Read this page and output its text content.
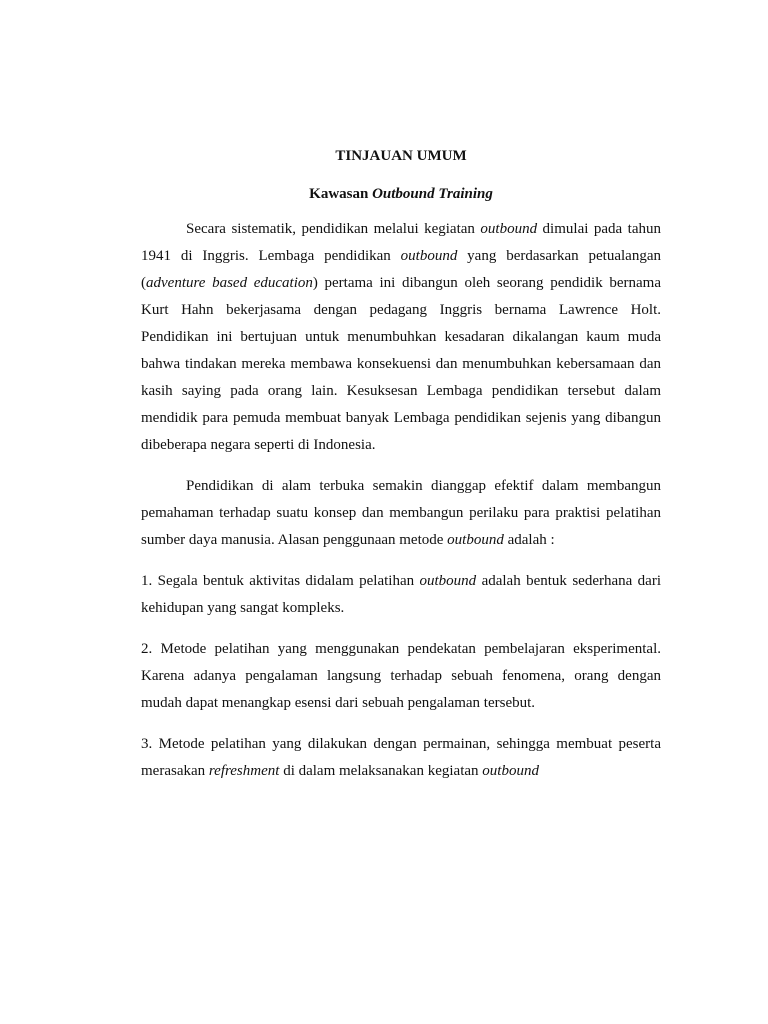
TINJAUAN UMUM
Kawasan Outbound Training

Secara sistematik, pendidikan melalui kegiatan outbound dimulai pada tahun 1941 di Inggris. Lembaga pendidikan outbound yang berdasarkan petualangan (adventure based education) pertama ini dibangun oleh seorang pendidik bernama Kurt Hahn bekerjasama dengan pedagang Inggris bernama Lawrence Holt. Pendidikan ini bertujuan untuk menumbuhkan kesadaran dikalangan kaum muda bahwa tindakan mereka membawa konsekuensi dan menumbuhkan kebersamaan dan kasih saying pada orang lain. Kesuksesan Lembaga pendidikan tersebut dalam mendidik para pemuda membuat banyak Lembaga pendidikan sejenis yang dibangun dibeberapa negara seperti di Indonesia.

Pendidikan di alam terbuka semakin dianggap efektif dalam membangun pemahaman terhadap suatu konsep dan membangun perilaku para praktisi pelatihan sumber daya manusia. Alasan penggunaan metode outbound adalah :

1. Segala bentuk aktivitas didalam pelatihan outbound adalah bentuk sederhana dari kehidupan yang sangat kompleks.

2. Metode pelatihan yang menggunakan pendekatan pembelajaran eksperimental. Karena adanya pengalaman langsung terhadap sebuah fenomena, orang dengan mudah dapat menangkap esensi dari sebuah pengalaman tersebut.

3. Metode pelatihan yang dilakukan dengan permainan, sehingga membuat peserta merasakan refreshment di dalam melaksanakan kegiatan outbound
